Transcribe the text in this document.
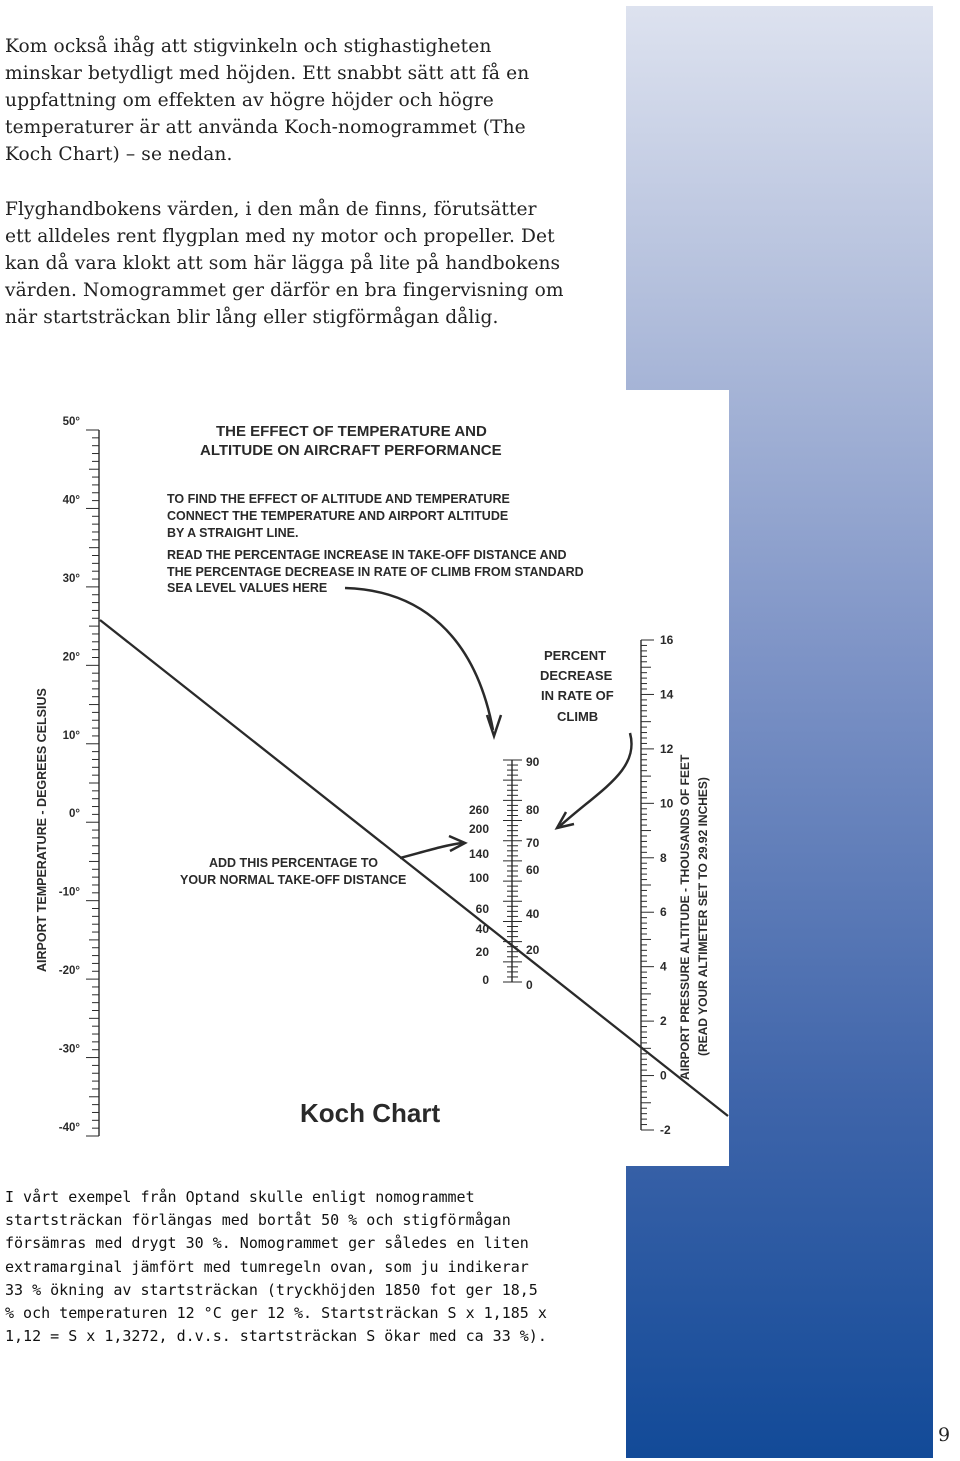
Kom också ihåg att stigvinkeln och stighastigheten minskar betydligt med höjden. Ett snabbt sätt att få en uppfattning om effekten av högre höjder och högre temperaturer är att använda Koch-nomogrammet (The Koch Chart) – se nedan.

Flyghandbokens värden, i den mån de finns, förutsätter ett alldeles rent flygplan med ny motor och propeller. Det kan då vara klokt att som här lägga på lite på handbokens värden. Nomogrammet ger därför en bra fingervisning om när startsträckan blir lång eller stigförmågan dålig.

50°
40°
30°
20°
10°
0°
-10°
-20°
-30°
-40°
260
200
140
100
60
40
20
0
90
80
70
60
40
20
0
16
14
12
10
8
6
4
2
0
-2
THE EFFECT OF TEMPERATURE AND
ALTITUDE ON AIRCRAFT PERFORMANCE
TO FIND THE EFFECT OF ALTITUDE AND TEMPERATURE
CONNECT THE TEMPERATURE AND AIRPORT ALTITUDE
BY A STRAIGHT LINE.
READ THE PERCENTAGE INCREASE IN TAKE-OFF DISTANCE AND
THE PERCENTAGE DECREASE IN RATE OF CLIMB FROM STANDARD
SEA LEVEL VALUES HERE
PERCENT
DECREASE
IN RATE OF
CLIMB
ADD THIS PERCENTAGE TO
YOUR NORMAL TAKE-OFF DISTANCE
AIRPORT TEMPERATURE - DEGREES CELSIUS	AIRPORT PRESSURE ALTITUDE - THOUSANDS OF FEET (READ YOUR ALTIMETER SET TO 29.92 INCHES)
Koch Chart

I vårt exempel från Optand skulle enligt nomogrammet startsträckan förlängas med bortåt 50 % och stigförmågan försämras med drygt 30 %. Nomogrammet ger således en liten extramarginal jämfört med tumregeln ovan, som ju indikerar 33 % ökning av startsträckan (tryckhöjden 1850 fot ger 18,5 % och temperaturen 12 °C ger 12 %. Startsträckan S x 1,185 x 1,12 = S x 1,3272, d.v.s. startsträckan S ökar med ca 33 %).

9
